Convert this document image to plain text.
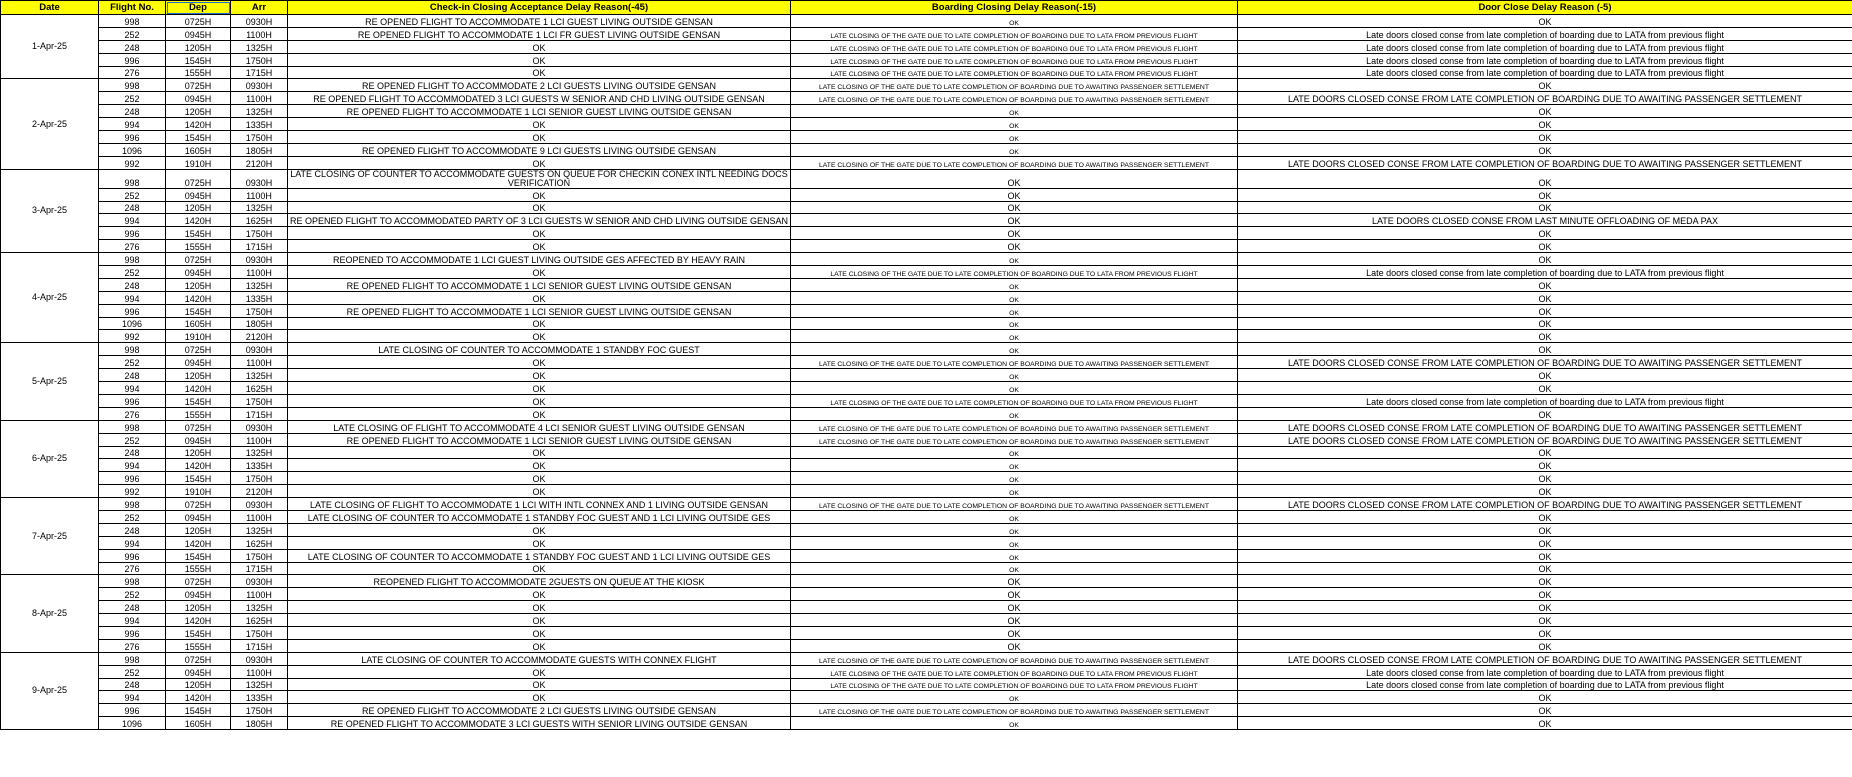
Date	Flight No.	Dep	Arr	Check-in Closing Acceptance Delay Reason(-45)	Boarding Closing Delay Reason(-15)	Door Close Delay Reason (-5)
1-Apr-25	998	0725H	0930H	RE OPENED FLIGHT TO ACCOMMODATE 1 LCI GUEST LIVING OUTSIDE GENSAN	OK	OK
	252	0945H	1100H	RE OPENED FLIGHT TO ACCOMMODATE 1 LCI FR GUEST LIVING OUTSIDE GENSAN	LATE CLOSING OF THE GATE DUE TO LATE COMPLETION OF BOARDING DUE TO LATA FROM PREVIOUS FLIGHT	Late doors closed conse from late completion of boarding due to LATA from previous flight
	248	1205H	1325H	OK	LATE CLOSING OF THE GATE DUE TO LATE COMPLETION OF BOARDING DUE TO LATA FROM PREVIOUS FLIGHT	Late doors closed conse from late completion of boarding due to LATA from previous flight
	996	1545H	1750H	OK	LATE CLOSING OF THE GATE DUE TO LATE COMPLETION OF BOARDING DUE TO LATA FROM PREVIOUS FLIGHT	Late doors closed conse from late completion of boarding due to LATA from previous flight
	276	1555H	1715H	OK	LATE CLOSING OF THE GATE DUE TO LATE COMPLETION OF BOARDING DUE TO LATA FROM PREVIOUS FLIGHT	Late doors closed conse from late completion of boarding due to LATA from previous flight
2-Apr-25	998	0725H	0930H	RE OPENED FLIGHT TO ACCOMMODATE 2 LCI GUESTS LIVING OUTSIDE GENSAN	LATE CLOSING OF THE GATE DUE TO LATE COMPLETION OF BOARDING DUE TO AWAITING PASSENGER SETTLEMENT	OK
	252	0945H	1100H	RE OPENED FLIGHT TO ACCOMMODATED 3 LCI GUESTS W SENIOR AND CHD LIVING OUTSIDE GENSAN	LATE CLOSING OF THE GATE DUE TO LATE COMPLETION OF BOARDING DUE TO AWAITING PASSENGER SETTLEMENT	LATE DOORS CLOSED CONSE FROM LATE COMPLETION OF BOARDING DUE TO AWAITING PASSENGER SETTLEMENT
	248	1205H	1325H	RE OPENED FLIGHT TO ACCOMMODATE 1 LCI SENIOR GUEST LIVING OUTSIDE GENSAN	OK	OK
	994	1420H	1335H	OK	OK	OK
	996	1545H	1750H	OK	OK	OK
	1096	1605H	1805H	RE OPENED FLIGHT TO ACCOMMODATE 9 LCI GUESTS LIVING OUTSIDE GENSAN	OK	OK
	992	1910H	2120H	OK	LATE CLOSING OF THE GATE DUE TO LATE COMPLETION OF BOARDING DUE TO AWAITING PASSENGER SETTLEMENT	LATE DOORS CLOSED CONSE FROM LATE COMPLETION OF BOARDING DUE TO AWAITING PASSENGER SETTLEMENT
3-Apr-25	998	0725H	0930H	LATE CLOSING OF COUNTER TO ACCOMMODATE GUESTS ON QUEUE FOR CHECKIN CONEX INTL NEEDING DOCS VERIFICATION	OK	OK
	252	0945H	1100H	OK	OK	OK
	248	1205H	1325H	OK	OK	OK
	994	1420H	1625H	RE OPENED FLIGHT TO ACCOMMODATED PARTY OF 3 LCI GUESTS W SENIOR AND CHD LIVING OUTSIDE GENSAN	OK	LATE DOORS CLOSED CONSE FROM LAST MINUTE OFFLOADING OF MEDA PAX
	996	1545H	1750H	OK	OK	OK
	276	1555H	1715H	OK	OK	OK
4-Apr-25	998	0725H	0930H	REOPENED TO ACCOMMODATE 1 LCI GUEST LIVING OUTSIDE GES AFFECTED BY HEAVY RAIN	OK	OK
	252	0945H	1100H	OK	LATE CLOSING OF THE GATE DUE TO LATE COMPLETION OF BOARDING DUE TO LATA FROM PREVIOUS FLIGHT	Late doors closed conse from late completion of boarding due to LATA from previous flight
	248	1205H	1325H	RE OPENED FLIGHT TO ACCOMMODATE 1 LCI SENIOR GUEST LIVING OUTSIDE GENSAN	OK	OK
	994	1420H	1335H	OK	OK	OK
	996	1545H	1750H	RE OPENED FLIGHT TO ACCOMMODATE 1 LCI SENIOR GUEST LIVING OUTSIDE GENSAN	OK	OK
	1096	1605H	1805H	OK	OK	OK
	992	1910H	2120H	OK	OK	OK
5-Apr-25	998	0725H	0930H	LATE CLOSING OF COUNTER TO ACCOMMODATE 1 STANDBY FOC GUEST	OK	OK
	252	0945H	1100H	OK	LATE CLOSING OF THE GATE DUE TO LATE COMPLETION OF BOARDING DUE TO AWAITING PASSENGER SETTLEMENT	LATE DOORS CLOSED CONSE FROM LATE COMPLETION OF BOARDING DUE TO AWAITING PASSENGER SETTLEMENT
	248	1205H	1325H	OK	OK	OK
	994	1420H	1625H	OK	OK	OK
	996	1545H	1750H	OK	LATE CLOSING OF THE GATE DUE TO LATE COMPLETION OF BOARDING DUE TO LATA FROM PREVIOUS FLIGHT	Late doors closed conse from late completion of boarding due to LATA from previous flight
	276	1555H	1715H	OK	OK	OK
6-Apr-25	998	0725H	0930H	LATE CLOSING OF FLIGHT TO ACCOMMODATE 4 LCI SENIOR GUEST LIVING OUTSIDE GENSAN	LATE CLOSING OF THE GATE DUE TO LATE COMPLETION OF BOARDING DUE TO AWAITING PASSENGER SETTLEMENT	LATE DOORS CLOSED CONSE FROM LATE COMPLETION OF BOARDING DUE TO AWAITING PASSENGER SETTLEMENT
	252	0945H	1100H	RE OPENED FLIGHT TO ACCOMMODATE 1 LCI SENIOR GUEST LIVING OUTSIDE GENSAN	LATE CLOSING OF THE GATE DUE TO LATE COMPLETION OF BOARDING DUE TO AWAITING PASSENGER SETTLEMENT	LATE DOORS CLOSED CONSE FROM LATE COMPLETION OF BOARDING DUE TO AWAITING PASSENGER SETTLEMENT
	248	1205H	1325H	OK	OK	OK
	994	1420H	1335H	OK	OK	OK
	996	1545H	1750H	OK	OK	OK
	992	1910H	2120H	OK	OK	OK
7-Apr-25	998	0725H	0930H	LATE CLOSING OF FLIGHT TO ACCOMMODATE 1 LCI WITH INTL CONNEX AND 1 LIVING OUTSIDE GENSAN	LATE CLOSING OF THE GATE DUE TO LATE COMPLETION OF BOARDING DUE TO AWAITING PASSENGER SETTLEMENT	LATE DOORS CLOSED CONSE FROM LATE COMPLETION OF BOARDING DUE TO AWAITING PASSENGER SETTLEMENT
	252	0945H	1100H	LATE CLOSING OF COUNTER TO ACCOMMODATE 1 STANDBY FOC GUEST AND 1 LCI LIVING OUTSIDE GES	OK	OK
	248	1205H	1325H	OK	OK	OK
	994	1420H	1625H	OK	OK	OK
	996	1545H	1750H	LATE CLOSING OF COUNTER TO ACCOMMODATE 1 STANDBY FOC GUEST AND 1 LCI LIVING OUTSIDE GES	OK	OK
	276	1555H	1715H	OK	OK	OK
8-Apr-25	998	0725H	0930H	REOPENED FLIGHT TO ACCOMMODATE 2GUESTS ON QUEUE AT THE KIOSK	OK	OK
	252	0945H	1100H	OK	OK	OK
	248	1205H	1325H	OK	OK	OK
	994	1420H	1625H	OK	OK	OK
	996	1545H	1750H	OK	OK	OK
	276	1555H	1715H	OK	OK	OK
9-Apr-25	998	0725H	0930H	LATE CLOSING OF COUNTER TO ACCOMMODATE GUESTS WITH CONNEX FLIGHT	LATE CLOSING OF THE GATE DUE TO LATE COMPLETION OF BOARDING DUE TO AWAITING PASSENGER SETTLEMENT	LATE DOORS CLOSED CONSE FROM LATE COMPLETION OF BOARDING DUE TO AWAITING PASSENGER SETTLEMENT
	252	0945H	1100H	OK	LATE CLOSING OF THE GATE DUE TO LATE COMPLETION OF BOARDING DUE TO LATA FROM PREVIOUS FLIGHT	Late doors closed conse from late completion of boarding due to LATA from previous flight
	248	1205H	1325H	OK	LATE CLOSING OF THE GATE DUE TO LATE COMPLETION OF BOARDING DUE TO LATA FROM PREVIOUS FLIGHT	Late doors closed conse from late completion of boarding due to LATA from previous flight
	994	1420H	1335H	OK	OK	OK
	996	1545H	1750H	RE OPENED FLIGHT TO ACCOMMODATE 2 LCI GUESTS LIVING OUTSIDE GENSAN	LATE CLOSING OF THE GATE DUE TO LATE COMPLETION OF BOARDING DUE TO AWAITING PASSENGER SETTLEMENT	OK
	1096	1605H	1805H	RE OPENED FLIGHT TO ACCOMMODATE 3 LCI GUESTS WITH SENIOR LIVING OUTSIDE GENSAN	OK	OK
